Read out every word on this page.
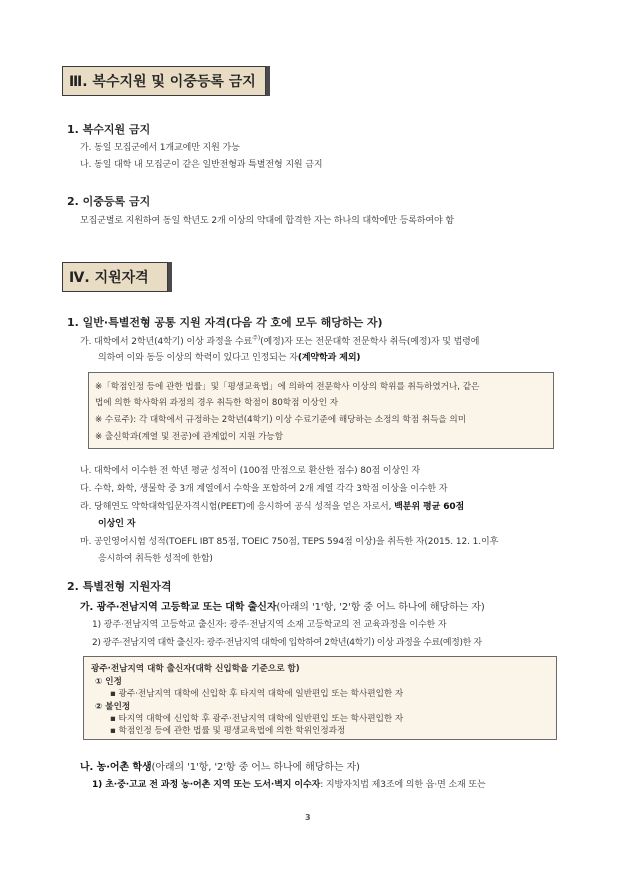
Ⅲ. 복수지원 및 이중등록 금지
1. 복수지원 금지
가. 동일 모집군에서 1개교에만 지원 가능
나. 동일 대학 내 모집군이 같은 일반전형과 특별전형 지원 금지
2. 이중등록 금지
모집군별로 지원하여 동일 학년도 2개 이상의 약대에 합격한 자는 하나의 대학에만 등록하여야 함
Ⅳ. 지원자격
1. 일반·특별전형 공통 지원 자격(다음 각 호에 모두 해당하는 자)
가. 대학에서 2학년(4학기) 이상 과정을 수료$^{주)}$(예정)자 또는 전문대학 전문학사 취득(예정)자 및 법령에
의하여 이와 동등 이상의 학력이 있다고 인정되는 자(계약학과 제외)
※「학점인정 등에 관한 법률」및「평생교육법」에 의하여 전문학사 이상의 학위를 취득하였거나, 같은
법에 의한 학사학위 과정의 경우 취득한 학점이 80학점 이상인 자
※ 수료주): 각 대학에서 규정하는 2학년(4학기) 이상 수료기준에 해당하는 소정의 학점 취득을 의미
※ 출신학과(계열 및 전공)에 관계없이 지원 가능함
나. 대학에서 이수한 전 학년 평균 성적이 (100점 만점으로 환산한 점수) 80점 이상인 자
다. 수학, 화학, 생물학 중 3개 계열에서 수학을 포함하여 2개 계열 각각 3학점 이상을 이수한 자
라. 당해연도 약학대학입문자격시험(PEET)에 응시하여 공식 성적을 얻은 자로서, 백분위 평균 60점
이상인 자
마. 공인영어시험 성적(TOEFL IBT 85점, TOEIC 750점, TEPS 594점 이상)을 취득한 자(2015. 12. 1.이후
응시하여 취득한 성적에 한함)
2. 특별전형 지원자격
가. 광주·전남지역 고등학교 또는 대학 출신자(아래의 '1'항, '2'항 중 어느 하나에 해당하는 자)
1) 광주·전남지역 고등학교 출신자: 광주·전남지역 소재 고등학교의 전 교육과정을 이수한 자
2) 광주·전남지역 대학 출신자: 광주·전남지역 대학에 입학하여 2학년(4학기) 이상 과정을 수료(예정)한 자
광주·전남지역 대학 출신자(대학 신입학을 기준으로 함)
① 인정
▪ 광주·전남지역 대학에 신입학 후 타지역 대학에 일반편입 또는 학사편입한 자
② 불인정
▪ 타지역 대학에 신입학 후 광주·전남지역 대학에 일반편입 또는 학사편입한 자
▪ 학점인정 등에 관한 법률 및 평생교육법에 의한 학위인정과정
나. 농·어촌 학생(아래의 '1'항, '2'항 중 어느 하나에 해당하는 자)
1) 초·중·고교 전 과정 농·어촌 지역 또는 도서·벽지 이수자: 지방자치법 제3조에 의한 읍·면 소재 또는
3
